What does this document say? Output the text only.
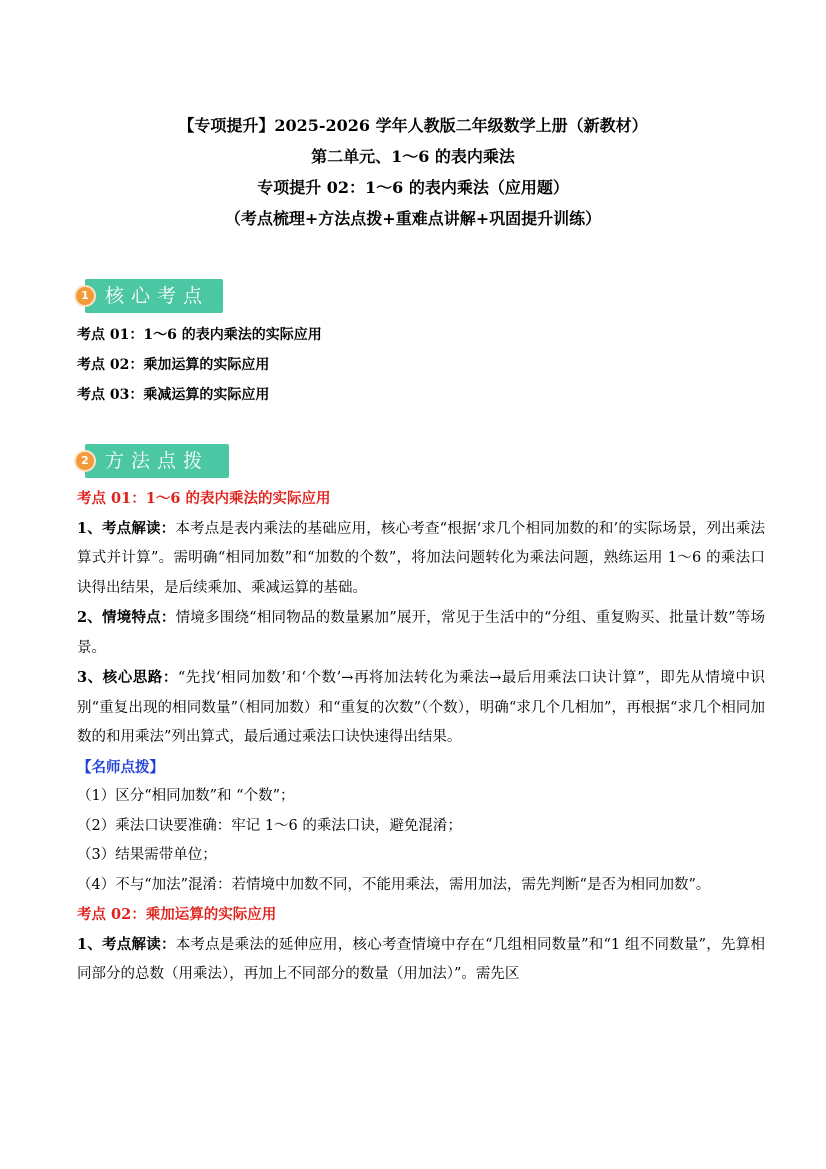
【专项提升】2025-2026 学年人教版二年级数学上册（新教材）
第二单元、1～6 的表内乘法
专项提升 02：1～6 的表内乘法（应用题）
（考点梳理+方法点拨+重难点讲解+巩固提升训练）
核心考点
1
考点 01：1～6 的表内乘法的实际应用
考点 02：乘加运算的实际应用
考点 03：乘减运算的实际应用
方法点拨
2

考点 01：1～6 的表内乘法的实际应用

1、考点解读：本考点是表内乘法的基础应用，核心考查“根据‘求几个相同加数的和’的实际场景，列出乘法算式并计算”。需明确“相同加数”和“加数的个数”，将加法问题转化为乘法问题，熟练运用 1～6 的乘法口诀得出结果，是后续乘加、乘减运算的基础。

2、情境特点：情境多围绕“相同物品的数量累加”展开，常见于生活中的“分组、重复购买、批量计数”等场景。

3、核心思路：“先找‘相同加数’和‘个数’→再将加法转化为乘法→最后用乘法口诀计算”，即先从情境中识别“重复出现的相同数量”（相同加数）和“重复的次数”（个数），明确“求几个几相加”，再根据“求几个相同加数的和用乘法”列出算式，最后通过乘法口诀快速得出结果。

【名师点拨】

（1）区分“相同加数”和 “个数”；

（2）乘法口诀要准确：牢记 1～6 的乘法口诀，避免混淆；

（3）结果需带单位；

（4）不与“加法”混淆：若情境中加数不同，不能用乘法，需用加法，需先判断“是否为相同加数”。

考点 02：乘加运算的实际应用

1、考点解读：本考点是乘法的延伸应用，核心考查情境中存在“几组相同数量”和“1 组不同数量”，先算相同部分的总数（用乘法），再加上不同部分的数量（用加法）”。需先区
